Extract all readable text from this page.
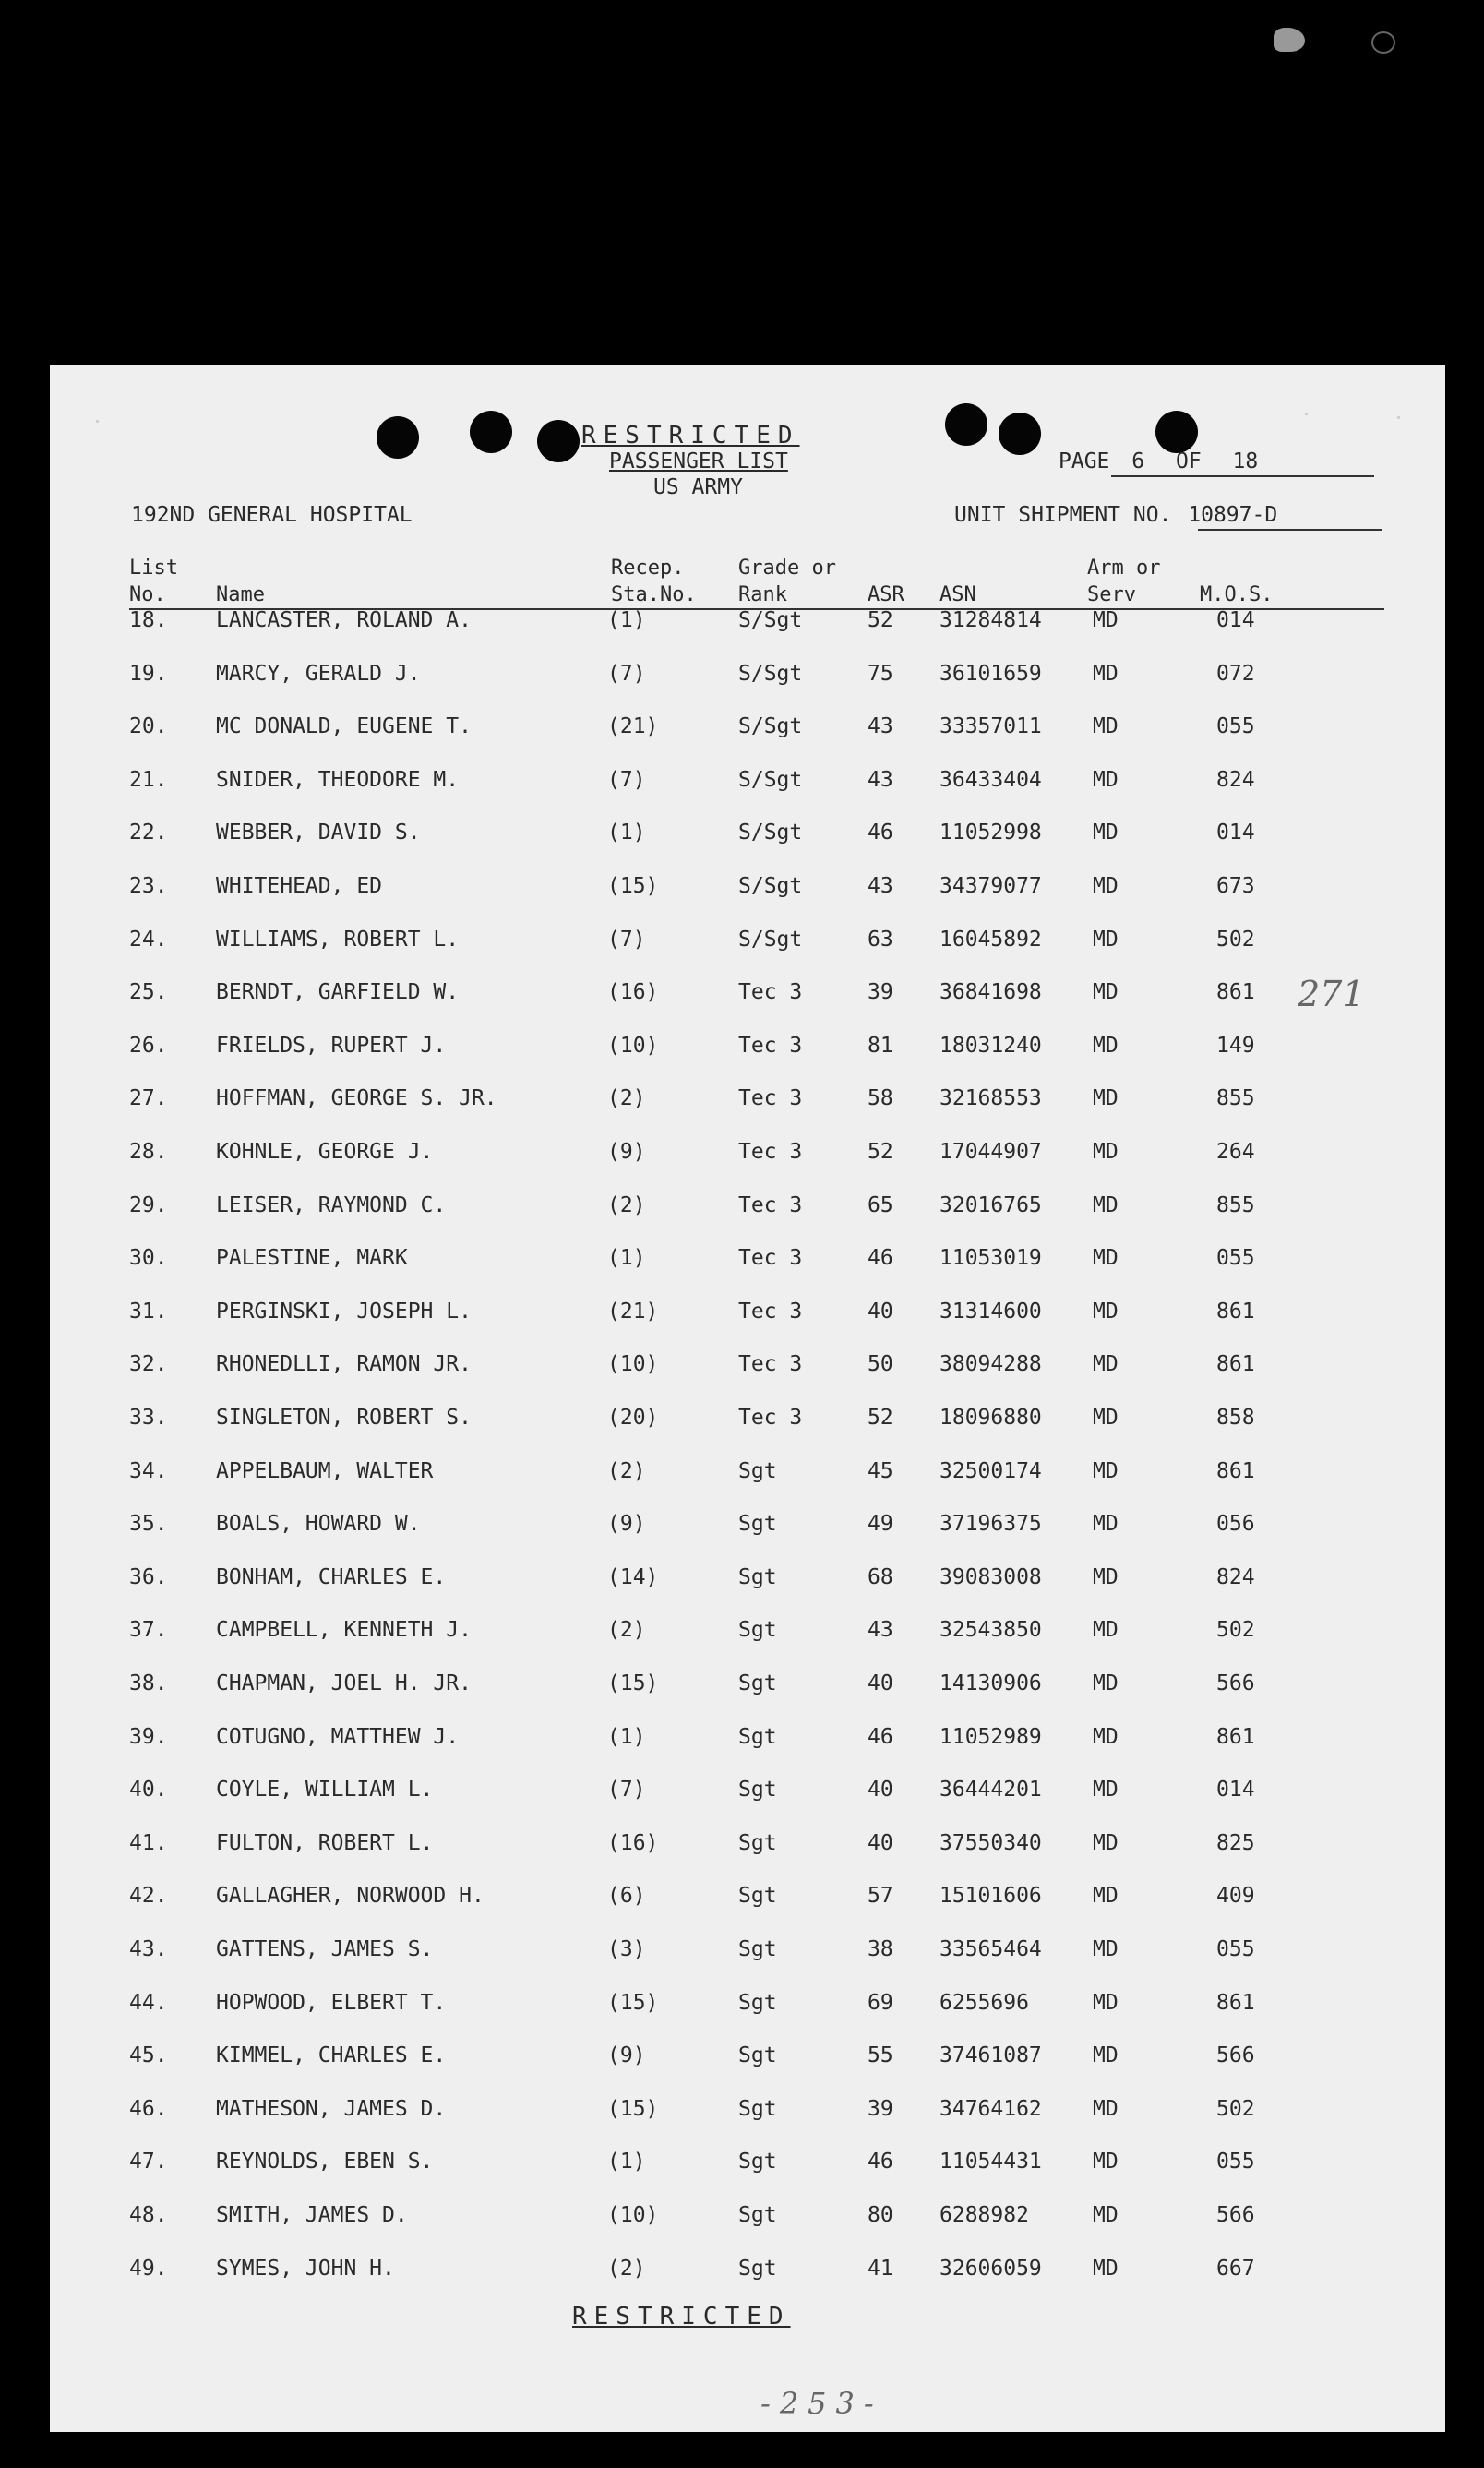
RESTRICTED
PASSENGER LIST
US ARMY
PAGE 6 OF 18
192ND GENERAL HOSPITAL	UNIT SHIPMENT NO. 10897-D
List
No.	Name
Recep.
Sta.No.
Grade or
Rank	ASR ASN
Arm or
Serv	M.O.S.
18. LANCASTER, ROLAND A.	(1)	S/Sgt	52 31284814 MD	014
19. MARCY, GERALD J.	(7)	S/Sgt	75 36101659 MD	072
20. MC DONALD, EUGENE T.	(21)	S/Sgt	43 33357011 MD	055
21. SNIDER, THEODORE M.	(7)	S/Sgt	43 36433404 MD	824
22. WEBBER, DAVID S.	(1)	S/Sgt	46 11052998 MD	014
23. WHITEHEAD, ED	(15)	S/Sgt	43 34379077 MD	673
24. WILLIAMS, ROBERT L.	(7)	S/Sgt	63 16045892 MD	502
25. BERNDT, GARFIELD W.	(16)	Tec 3	39 36841698 MD	861
26. FRIELDS, RUPERT J.	(10)	Tec 3	81 18031240 MD	149
27. HOFFMAN, GEORGE S. JR.	(2)	Tec 3	58 32168553 MD	855
28. KOHNLE, GEORGE J.	(9)	Tec 3	52 17044907 MD	264
29. LEISER, RAYMOND C.	(2)	Tec 3	65 32016765 MD	855
30. PALESTINE, MARK	(1)	Tec 3	46 11053019 MD	055
31. PERGINSKI, JOSEPH L.	(21)	Tec 3	40 31314600 MD	861
32. RHONEDLLI, RAMON JR.	(10)	Tec 3	50 38094288 MD	861
33. SINGLETON, ROBERT S.	(20)	Tec 3	52 18096880 MD	858
34. APPELBAUM, WALTER	(2)	Sgt	45 32500174 MD	861
35. BOALS, HOWARD W.	(9)	Sgt	49 37196375 MD	056
36. BONHAM, CHARLES E.	(14)	Sgt	68 39083008 MD	824
37. CAMPBELL, KENNETH J.	(2)	Sgt	43 32543850 MD	502
38. CHAPMAN, JOEL H. JR.	(15)	Sgt	40 14130906 MD	566
39. COTUGNO, MATTHEW J.	(1)	Sgt	46 11052989 MD	861
40. COYLE, WILLIAM L.	(7)	Sgt	40 36444201 MD	014
41. FULTON, ROBERT L.	(16)	Sgt	40 37550340 MD	825
42. GALLAGHER, NORWOOD H.	(6)	Sgt	57 15101606 MD	409
43. GATTENS, JAMES S.	(3)	Sgt	38 33565464 MD	055
44. HOPWOOD, ELBERT T.	(15)	Sgt	69 6255696	MD	861
45. KIMMEL, CHARLES E.	(9)	Sgt	55 37461087 MD	566
46. MATHESON, JAMES D.	(15)	Sgt	39 34764162 MD	502
47. REYNOLDS, EBEN S.	(1)	Sgt	46 11054431 MD	055
48. SMITH, JAMES D.	(10)	Sgt	80 6288982	MD	566
49. SYMES, JOHN H.	(2)	Sgt	41 32606059 MD	667
271
RESTRICTED
-253-
